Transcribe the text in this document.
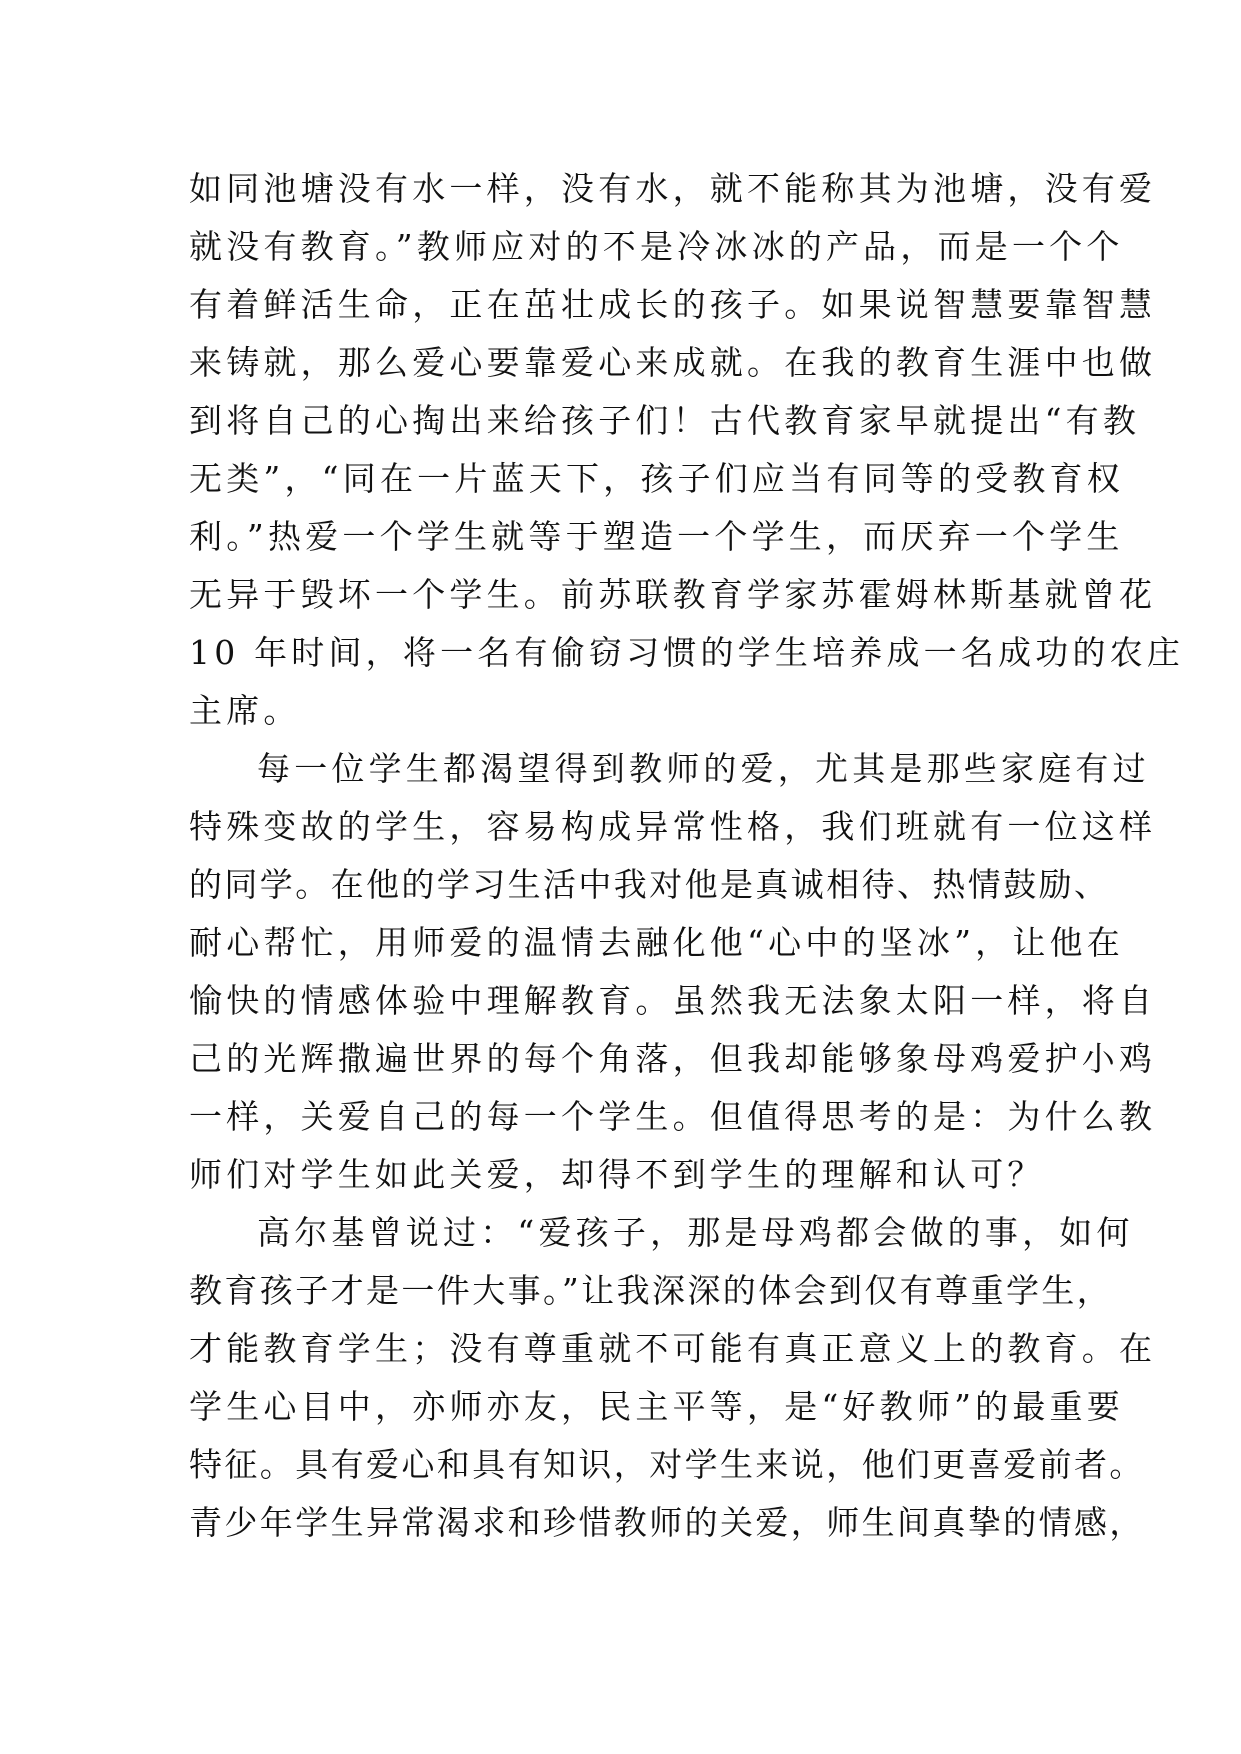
如同池塘没有水一样，没有水，就不能称其为池塘，没有爱
就没有教育。”教师应对的不是冷冰冰的产品，而是一个个
有着鲜活生命，正在茁壮成长的孩子。如果说智慧要靠智慧
来铸就，那么爱心要靠爱心来成就。在我的教育生涯中也做
到将自己的心掏出来给孩子们！古代教育家早就提出“有教
无类”，“同在一片蓝天下，孩子们应当有同等的受教育权
利。”热爱一个学生就等于塑造一个学生，而厌弃一个学生
无异于毁坏一个学生。前苏联教育学家苏霍姆林斯基就曾花
10 年时间，将一名有偷窃习惯的学生培养成一名成功的农庄
主席。
每一位学生都渴望得到教师的爱，尤其是那些家庭有过
特殊变故的学生，容易构成异常性格，我们班就有一位这样
的同学。在他的学习生活中我对他是真诚相待、热情鼓励、
耐心帮忙，用师爱的温情去融化他“心中的坚冰”，让他在
愉快的情感体验中理解教育。虽然我无法象太阳一样，将自
己的光辉撒遍世界的每个角落，但我却能够象母鸡爱护小鸡
一样，关爱自己的每一个学生。但值得思考的是：为什么教
师们对学生如此关爱，却得不到学生的理解和认可？
高尔基曾说过：“爱孩子，那是母鸡都会做的事，如何
教育孩子才是一件大事。”让我深深的体会到仅有尊重学生，
才能教育学生；没有尊重就不可能有真正意义上的教育。在
学生心目中，亦师亦友，民主平等，是“好教师”的最重要
特征。具有爱心和具有知识，对学生来说，他们更喜爱前者。
青少年学生异常渴求和珍惜教师的关爱，师生间真挚的情感，
